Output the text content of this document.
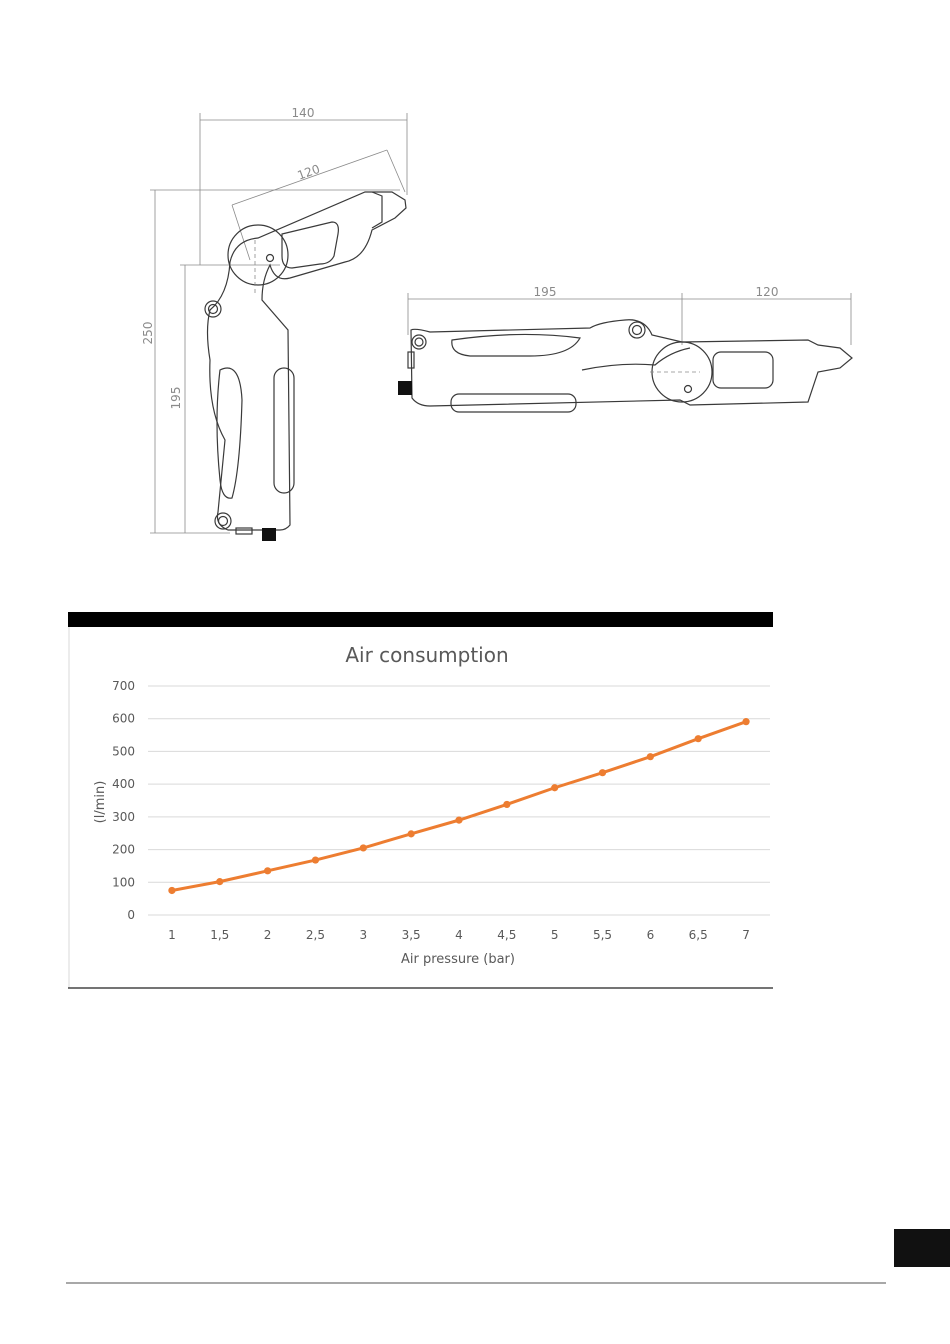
140
120
250
195
195	120
Air consumption
0
100
200
300
400
500
600
700
1	1,5	2	2,5	3	3,5	4	4,5	5	5,5	6	6,5	7
(l/min)
Air pressure (bar)
